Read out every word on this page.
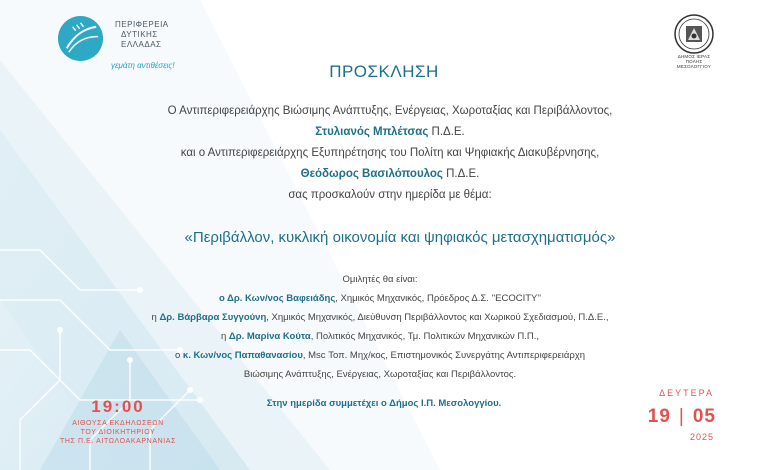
ΠΕΡΙΦΕΡΕΙΑ
ΔΥΤΙΚΗΣ
ΕΛΛΑΔΑΣ
γεμάτη αντιθέσεις!
ΔΗΜΟΣ ΙΕΡΑΣ ΠΟΛΗΣ
ΜΕΣΟΛΟΓΓΙΟΥ
ΠΡΟΣΚΛΗΣΗ
Ο Αντιπεριφερειάρχης Βιώσιμης Ανάπτυξης, Ενέργειας, Χωροταξίας και Περιβάλλοντος,
Στυλιανός Μπλέτσας Π.Δ.Ε.
και ο Αντιπεριφερειάρχης Εξυπηρέτησης του Πολίτη και Ψηφιακής Διακυβέρνησης,
Θεόδωρος Βασιλόπουλος Π.Δ.Ε.
σας προσκαλούν στην ημερίδα με θέμα:
«Περιβάλλον, κυκλική οικονομία και ψηφιακός μετασχηματισμός»
Ομιλητές θα είναι:
ο Δρ. Κων/νος Βαφειάδης, Χημικός Μηχανικός, Πρόεδρος Δ.Σ. ''ECOCITY''
η Δρ. Βάρβαρα Συγγούνη, Χημικός Μηχανικός, Διεύθυνση Περιβάλλοντος και Χωρικού Σχεδιασμού, Π.Δ.Ε.,
η Δρ. Μαρίνα Κούτα, Πολιτικός Μηχανικός, Τμ. Πολιτικών Μηχανικών Π.Π.,
ο κ. Κων/νος Παπαθανασίου, Msc Τοπ. Μηχ/κος, Επιστημονικός Συνεργάτης Αντιπεριφερειάρχη
Βιώσιμης Ανάπτυξης, Ενέργειας, Χωροταξίας και Περιβάλλοντος.
Στην ημερίδα συμμετέχει ο Δήμος Ι.Π. Μεσολογγίου.
19:00
ΑΙΘΟΥΣΑ ΕΚΔΗΛΩΣΕΩΝ
ΤΟΥ ΔΙΟΙΚΗΤΗΡΙΟΥ
ΤΗΣ Π.Ε. ΑΙΤΩΛΟΑΚΑΡΝΑΝΙΑΣ
ΔΕΥΤΕΡΑ
19 | 05
2025
